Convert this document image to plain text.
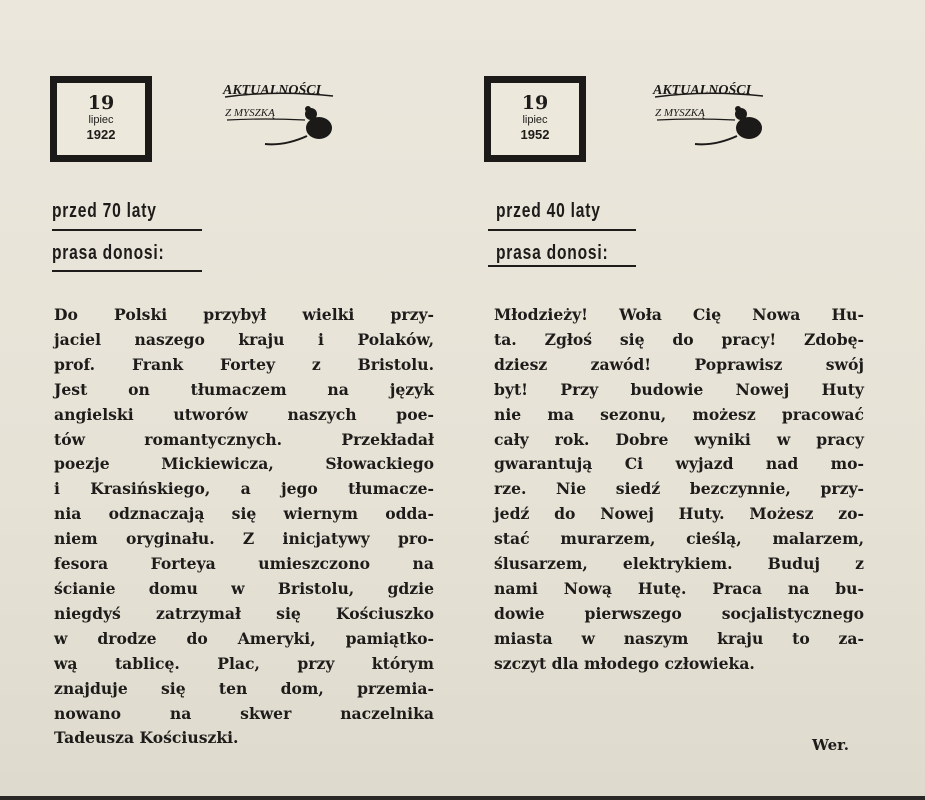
19
lipiec
1922
AKTUALNOŚCI
Z MYSZKĄ
przed 70 laty
prasa donosi:
Do Polski przybył wielki przy-
jaciel naszego kraju i Polaków,
prof. Frank Fortey z Bristolu.
Jest on tłumaczem na język
angielski utworów naszych poe-
tów romantycznych. Przekładał
poezje Mickiewicza, Słowackiego
i Krasińskiego, a jego tłumacze-
nia odznaczają się wiernym odda-
niem oryginału. Z inicjatywy pro-
fesora Forteya umieszczono na
ścianie domu w Bristolu, gdzie
niegdyś zatrzymał się Kościuszko
w drodze do Ameryki, pamiątko-
wą tablicę. Plac, przy którym
znajduje się ten dom, przemia-
nowano na skwer naczelnika
Tadeusza Kościuszki.
19
lipiec
1952
AKTUALNOŚCI
Z MYSZKĄ
przed 40 laty
prasa donosi:
Młodzieży! Woła Cię Nowa Hu-
ta. Zgłoś się do pracy! Zdobę-
dziesz zawód! Poprawisz swój
byt! Przy budowie Nowej Huty
nie ma sezonu, możesz pracować
cały rok. Dobre wyniki w pracy
gwarantują Ci wyjazd nad mo-
rze. Nie siedź bezczynnie, przy-
jedź do Nowej Huty. Możesz zo-
stać murarzem, cieślą, malarzem,
ślusarzem, elektrykiem. Buduj z
nami Nową Hutę. Praca na bu-
dowie pierwszego socjalistycznego
miasta w naszym kraju to za-
szczyt dla młodego człowieka.
Wer.
